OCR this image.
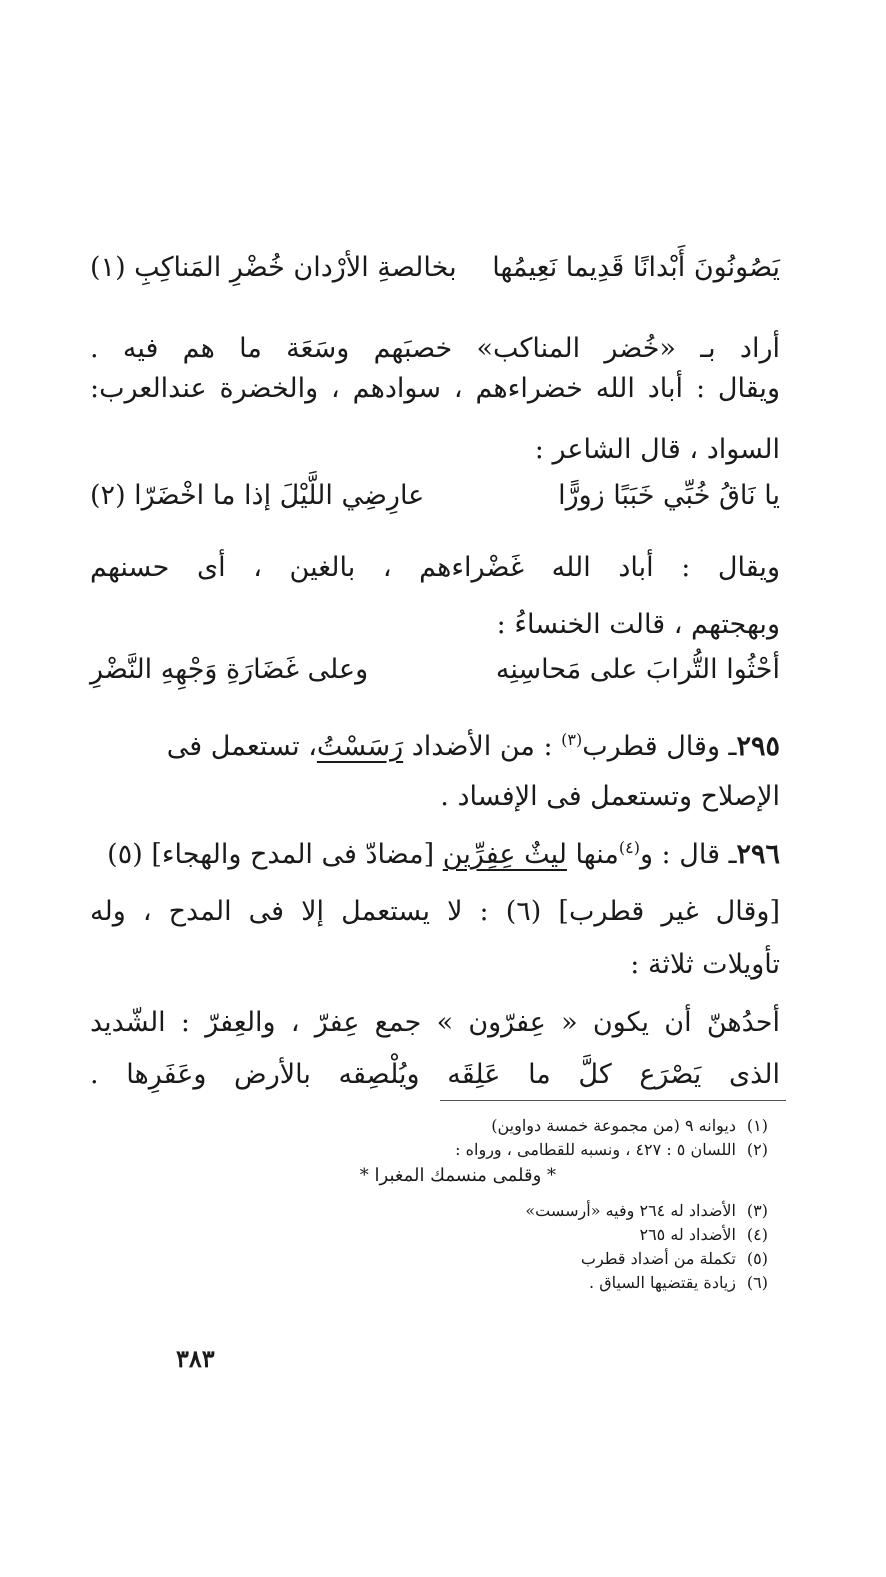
يَصُونُونَ أَبْدانًا قَدِيما نَعِيمُها
بخالصةِ الأرْدان خُضْرِ المَناكِبِ (١)
أراد بـ «خُضر المناكب» خصبَهم وسَعَة ما هم فيه .
ويقال : أباد الله خضراءهم ، سوادهم ، والخضرة عندالعرب:
السواد ، قال الشاعر :
يا نَاقُ خُبِّي خَبَبًا زورًّا
عارِضِي اللَّيْلَ إذا ما اخْضَرّا (٢)
ويقال : أباد الله غَضْراءهم ، بالغين ، أى حسنهم
وبهجتهم ، قالت الخنساءُ :
أحْثُوا التُّرابَ على مَحاسِنِه
وعلى غَضَارَةِ وَجْهِهِ النَّضْرِ
٢٩٥ـ وقال قطرب$^{(٣)}$ : من الأضداد رَسَسْتُ، تستعمل فى
الإصلاح وتستعمل فى الإفساد .
٢٩٦ـ قال : و$^{(٤)}$منها ليثٌ عِفِرِّين [مضادّ فى المدح والهجاء] (٥)
[وقال غير قطرب] (٦) : لا يستعمل إلا فى المدح ، وله
تأويلات ثلاثة :
أحدُهنّ أن يكون « عِفرّون » جمع عِفرّ ، والعِفرّ : الشّديد
الذى يَصْرَع كلَّ ما عَلِقَه ويُلْصِقه بالأرض وعَفَرِها .
(١)ديوانه ٩ (من مجموعة خمسة دواوين)
(٢)اللسان ٥ : ٤٢٧ ، ونسبه للقطامى ، ورواه :
* وقلمى منسمك المغبرا *
(٣)الأضداد له ٢٦٤ وفيه «أرسست»
(٤)الأضداد له ٢٦٥
(٥)تكملة من أضداد قطرب
(٦)زيادة يقتضيها السياق .
٣٨٣
